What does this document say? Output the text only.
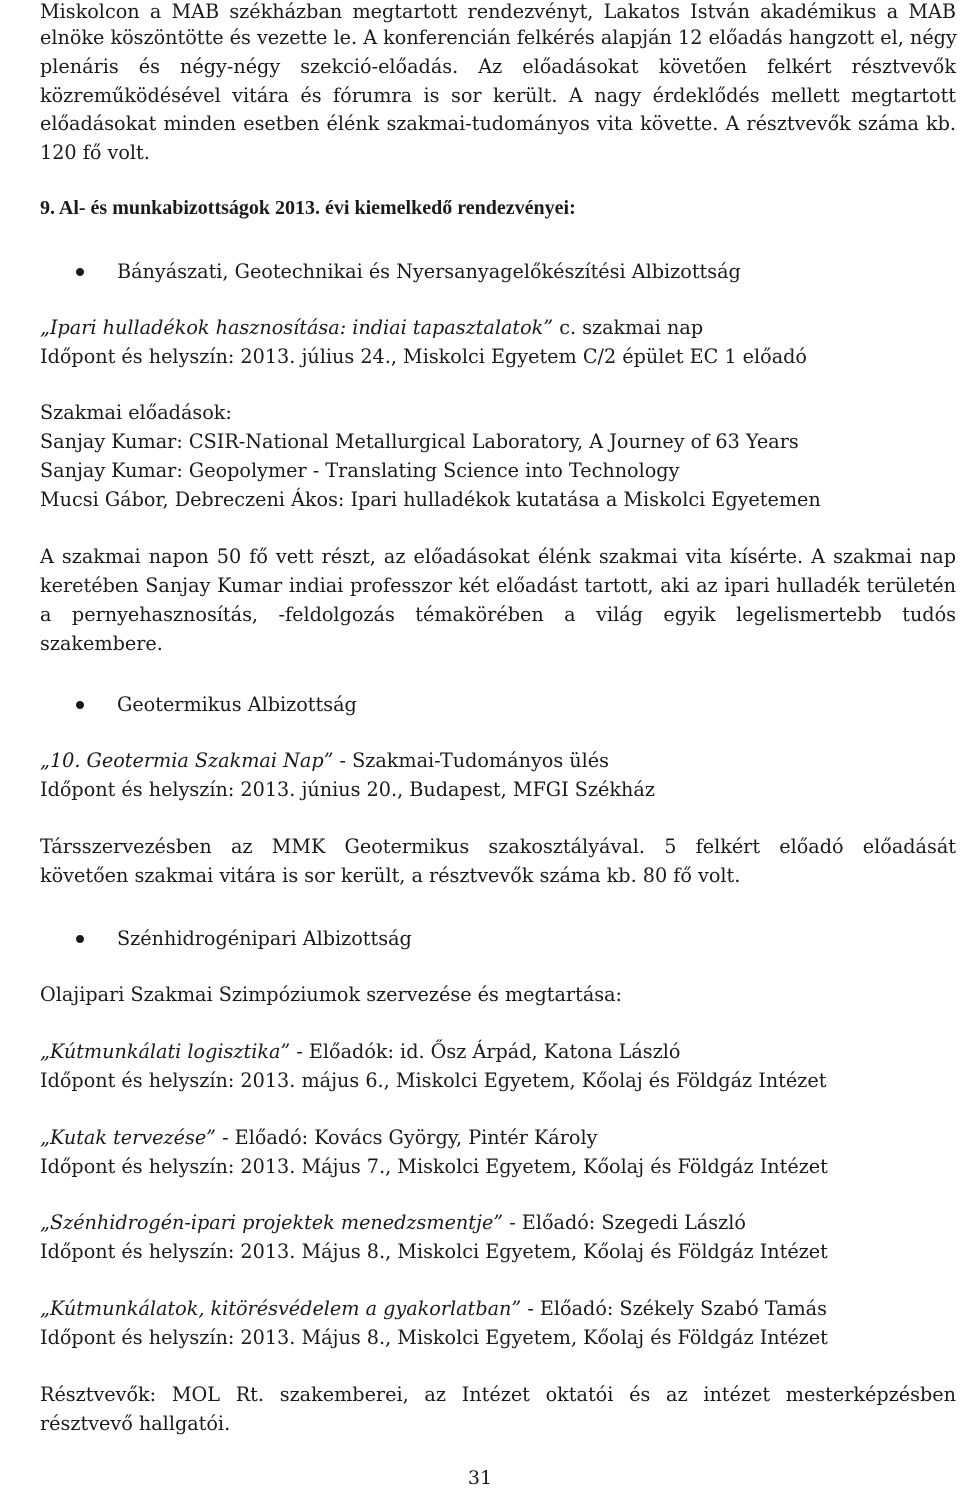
Miskolcon a MAB székházban megtartott rendezvényt, Lakatos István akadémikus a MAB
elnöke köszöntötte és vezette le. A konferencián felkérés alapján 12 előadás hangzott el, négy
plenáris és négy-négy szekció-előadás. Az előadásokat követően felkért résztvevők
közreműködésével vitára és fórumra is sor került. A nagy érdeklődés mellett megtartott
előadásokat minden esetben élénk szakmai-tudományos vita követte. A résztvevők száma kb.
120 fő volt.
9. Al- és munkabizottságok 2013. évi kiemelkedő rendezvényei:
Bányászati, Geotechnikai és Nyersanyagelőkészítési Albizottság
„Ipari hulladékok hasznosítása: indiai tapasztalatok” c. szakmai nap
Időpont és helyszín: 2013. július 24., Miskolci Egyetem C/2 épület EC 1 előadó
Szakmai előadások:
Sanjay Kumar: CSIR-National Metallurgical Laboratory, A Journey of 63 Years
Sanjay Kumar: Geopolymer - Translating Science into Technology
Mucsi Gábor, Debreczeni Ákos: Ipari hulladékok kutatása a Miskolci Egyetemen
A szakmai napon 50 fő vett részt, az előadásokat élénk szakmai vita kísérte. A szakmai nap
keretében Sanjay Kumar indiai professzor két előadást tartott, aki az ipari hulladék területén
a pernyehasznosítás, -feldolgozás témakörében a világ egyik legelismertebb tudós
szakembere.
Geotermikus Albizottság
„10. Geotermia Szakmai Nap” - Szakmai-Tudományos ülés
Időpont és helyszín: 2013. június 20., Budapest, MFGI Székház
Társszervezésben az MMK Geotermikus szakosztályával. 5 felkért előadó előadását
követően szakmai vitára is sor került, a résztvevők száma kb. 80 fő volt.
Szénhidrogénipari Albizottság
Olajipari Szakmai Szimpóziumok szervezése és megtartása:
„Kútmunkálati logisztika” - Előadók: id. Ősz Árpád, Katona László
Időpont és helyszín: 2013. május 6., Miskolci Egyetem, Kőolaj és Földgáz Intézet
„Kutak tervezése” - Előadó: Kovács György, Pintér Károly
Időpont és helyszín: 2013. Május 7., Miskolci Egyetem, Kőolaj és Földgáz Intézet
„Szénhidrogén-ipari projektek menedzsmentje” - Előadó: Szegedi László
Időpont és helyszín: 2013. Május 8., Miskolci Egyetem, Kőolaj és Földgáz Intézet
„Kútmunkálatok, kitörésvédelem a gyakorlatban” - Előadó: Székely Szabó Tamás
Időpont és helyszín: 2013. Május 8., Miskolci Egyetem, Kőolaj és Földgáz Intézet
Résztvevők: MOL Rt. szakemberei, az Intézet oktatói és az intézet mesterképzésben
résztvevő hallgatói.
31
